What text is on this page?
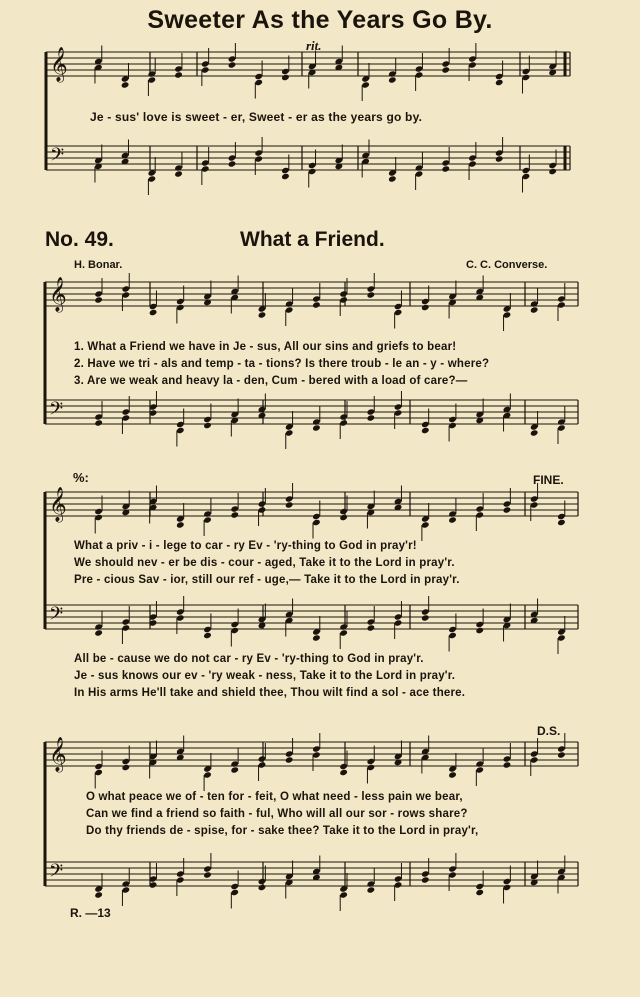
Sweeter As the Years Go By.
rit.
Je - sus' love is sweet - er, Sweet - er as the years go by.
No. 49.	What a Friend.
H. Bonar.	C. C. Converse.
1. What a Friend we have in Je - sus, All our sins and griefs to bear!
2. Have we tri - als and temp - ta - tions? Is there troub - le an - y - where?
3. Are we weak and heavy la - den, Cum - bered with a load of care?—
%:	FINE.
What a priv - i - lege to car - ry Ev - 'ry-thing to God in pray'r!
We should nev - er be dis - cour - aged, Take it to the Lord in pray'r.
Pre - cious Sav - ior, still our ref - uge,— Take it to the Lord in pray'r.
All be - cause we do not car - ry Ev - 'ry-thing to God in pray'r.
Je - sus knows our ev - 'ry weak - ness, Take it to the Lord in pray'r.
In His arms He'll take and shield thee, Thou wilt find a sol - ace there.
D.S.
O what peace we of - ten for - feit, O what need - less pain we bear,
Can we find a friend so faith - ful, Who will all our sor - rows share?
Do thy friends de - spise, for - sake thee? Take it to the Lord in pray'r,
R. —13
𝄞
𝄢
𝄞
𝄢
𝄞
𝄢
𝄞
𝄢
